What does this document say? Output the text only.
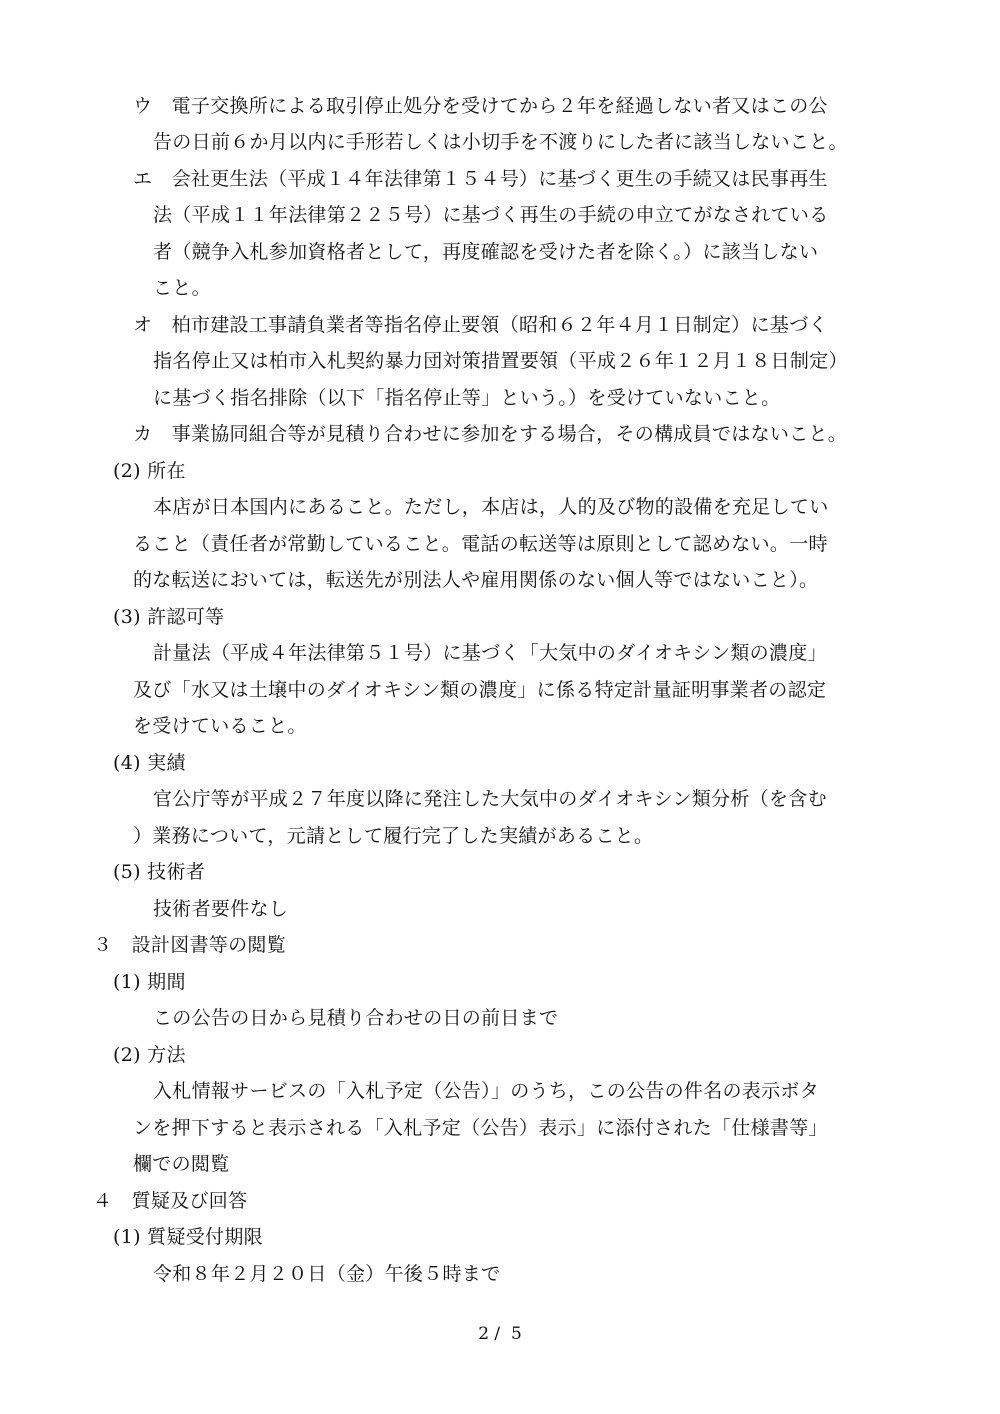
ウ　電子交換所による取引停止処分を受けてから２年を経過しない者又はこの公
告の日前６か月以内に手形若しくは小切手を不渡りにした者に該当しないこと。
エ　会社更生法（平成１４年法律第１５４号）に基づく更生の手続又は民事再生
法（平成１１年法律第２２５号）に基づく再生の手続の申立てがなされている
者（競争入札参加資格者として，再度確認を受けた者を除く。）に該当しない
こと。
オ　柏市建設工事請負業者等指名停止要領（昭和６２年４月１日制定）に基づく
指名停止又は柏市入札契約暴力団対策措置要領（平成２６年１２月１８日制定）
に基づく指名排除（以下「指名停止等」という。）を受けていないこと。
カ　事業協同組合等が見積り合わせに参加をする場合，その構成員ではないこと。
(2) 所在
本店が日本国内にあること。ただし，本店は，人的及び物的設備を充足してい
ること（責任者が常勤していること。電話の転送等は原則として認めない。一時
的な転送においては，転送先が別法人や雇用関係のない個人等ではないこと）。
(3) 許認可等
計量法（平成４年法律第５１号）に基づく「大気中のダイオキシン類の濃度」
及び「水又は土壌中のダイオキシン類の濃度」に係る特定計量証明事業者の認定
を受けていること。
(4) 実績
官公庁等が平成２７年度以降に発注した大気中のダイオキシン類分析（を含む
）業務について，元請として履行完了した実績があること。
(5) 技術者
技術者要件なし
３　設計図書等の閲覧
(1) 期間
この公告の日から見積り合わせの日の前日まで
(2) 方法
入札情報サービスの「入札予定（公告）」のうち，この公告の件名の表示ボタ
ンを押下すると表示される「入札予定（公告）表示」に添付された「仕様書等」
欄での閲覧
４　質疑及び回答
(1) 質疑受付期限
令和８年２月２０日（金）午後５時まで
2 /  5
